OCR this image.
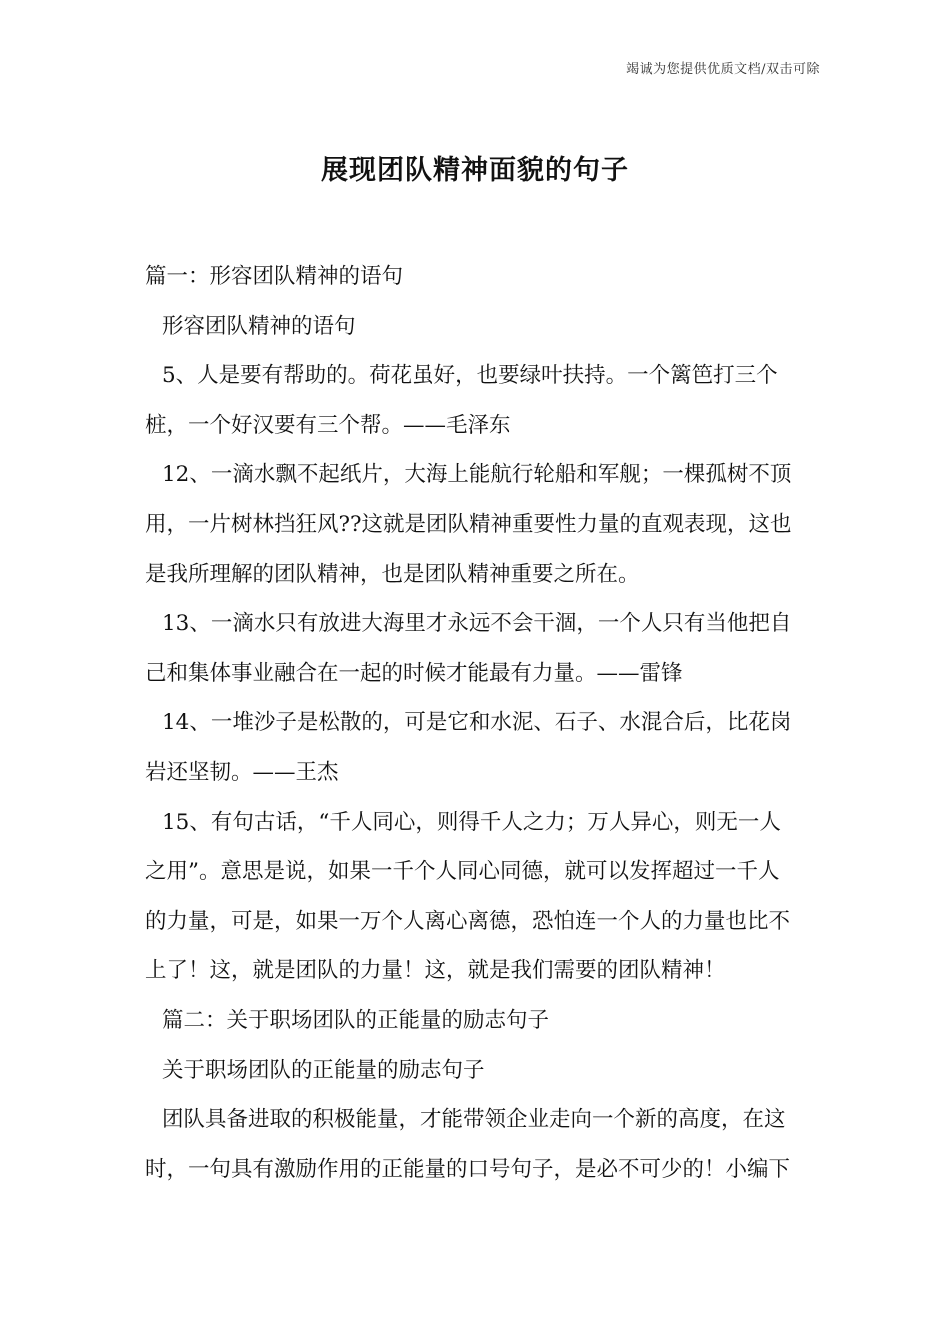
竭诚为您提供优质文档/双击可除
展现团队精神面貌的句子
篇一：形容团队精神的语句
形容团队精神的语句
5、人是要有帮助的。荷花虽好，也要绿叶扶持。一个篱笆打三个
桩，一个好汉要有三个帮。——毛泽东
12、一滴水飘不起纸片，大海上能航行轮船和军舰；一棵孤树不顶
用，一片树林挡狂风??这就是团队精神重要性力量的直观表现，这也
是我所理解的团队精神，也是团队精神重要之所在。
13、一滴水只有放进大海里才永远不会干涸，一个人只有当他把自
己和集体事业融合在一起的时候才能最有力量。——雷锋
14、一堆沙子是松散的，可是它和水泥、石子、水混合后，比花岗
岩还坚韧。——王杰
15、有句古话，“千人同心，则得千人之力；万人异心，则无一人
之用”。意思是说，如果一千个人同心同德，就可以发挥超过一千人
的力量，可是，如果一万个人离心离德，恐怕连一个人的力量也比不
上了！这，就是团队的力量！这，就是我们需要的团队精神！
篇二：关于职场团队的正能量的励志句子
关于职场团队的正能量的励志句子
团队具备进取的积极能量，才能带领企业走向一个新的高度，在这
时，一句具有激励作用的正能量的口号句子，是必不可少的！小编下
